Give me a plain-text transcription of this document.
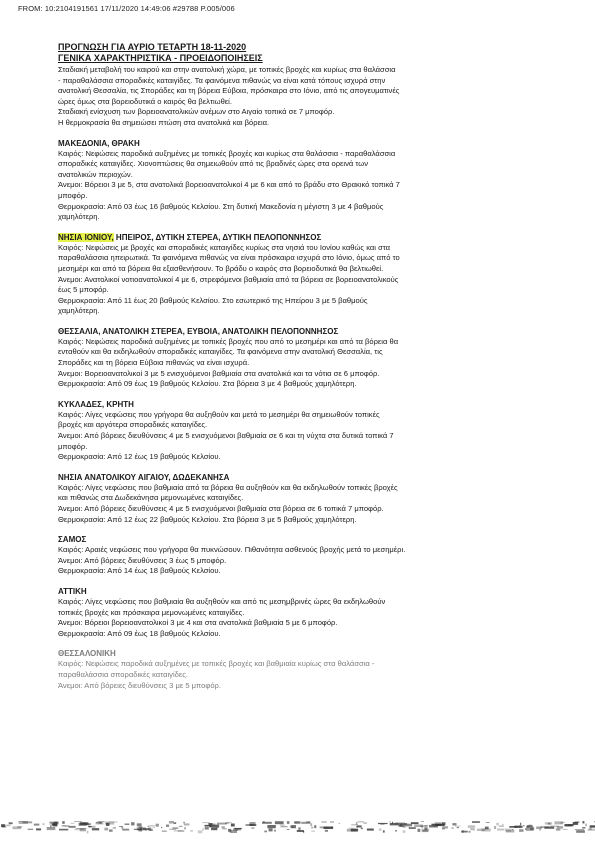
FROM: 10:2104191561 17/11/2020 14:49:06 #29788 P.005/006

ΠΡΟΓΝΩΣΗ ΓΙΑ ΑΥΡΙΟ ΤΕΤΑΡΤΗ 18-11-2020

ΓΕΝΙΚΑ ΧΑΡΑΚΤΗΡΙΣΤΙΚΑ - ΠΡΟΕΙΔΟΠΟΙΗΣΕΙΣ

Σταδιακή μεταβολή του καιρού και στην ανατολική χώρα, με τοπικές βροχές και κυρίως στα θαλάσσια

- παραθαλάσσια σποραδικές καταιγίδες. Τα φαινόμενα πιθανώς να είναι κατά τόπους ισχυρά στην

ανατολική Θεσσαλία, τις Σποράδες και τη βόρεια Εύβοια, πρόσκαιρα στο Ιόνιο, από τις απογευματινές

ώρες όμως στα βορειοδυτικά ο καιρός θα βελτιωθεί.

Σταδιακή ενίσχυση των βορειοανατολικών ανέμων στο Αιγαίο τοπικά σε 7 μποφόρ.

Η θερμοκρασία θα σημειώσει πτώση στα ανατολικά και βόρεια.

ΜΑΚΕΔΟΝΙΑ, ΘΡΑΚΗ

Καιρός: Νεφώσεις παροδικά αυξημένες με τοπικές βροχές και κυρίως στα θαλάσσια - παραθαλάσσια

σποραδικές καταιγίδες. Χιονοπτώσεις θα σημειωθούν από τις βραδινές ώρες στα ορεινά των

ανατολικών περιοχών.

Άνεμοι: Βόρειοι 3 με 5, στα ανατολικά βορειοανατολικοί 4 με 6 και από το βράδυ στο Θρακικό τοπικά 7

μποφόρ.

Θερμοκρασία: Από 03 έως 16 βαθμούς Κελσίου. Στη δυτική Μακεδονία η μέγιστη 3 με 4 βαθμούς

χαμηλότερη.

ΝΗΣΙΑ ΙΟΝΙΟΥ, ΗΠΕΙΡΟΣ, ΔΥΤΙΚΗ ΣΤΕΡΕΑ, ΔΥΤΙΚΗ ΠΕΛΟΠΟΝΝΗΣΟΣ

Καιρός: Νεφώσεις με βροχές και σποραδικές καταιγίδες κυρίως στα νησιά του Ιονίου καθώς και στα

παραθαλάσσια ηπειρωτικά. Τα φαινόμενα πιθανώς να είναι πρόσκαιρα ισχυρά στο Ιόνιο, όμως από το

μεσημέρι και από τα βόρεια θα εξασθενήσουν. Το βράδυ ο καιρός στα βορειοδυτικά θα βελτιωθεί.

Άνεμοι: Ανατολικοί νοτιοανατολικοί 4 με 6, στρεφόμενοι βαθμιαία από τα βόρεια σε βορειοανατολικούς

έως 5 μποφόρ.

Θερμοκρασία: Από 11 έως 20 βαθμούς Κελσίου. Στο εσωτερικό της Ηπείρου 3 με 5 βαθμούς

χαμηλότερη.

ΘΕΣΣΑΛΙΑ, ΑΝΑΤΟΛΙΚΗ ΣΤΕΡΕΑ, ΕΥΒΟΙΑ, ΑΝΑΤΟΛΙΚΗ ΠΕΛΟΠΟΝΝΗΣΟΣ

Καιρός: Νεφώσεις παροδικά αυξημένες με τοπικές βροχές που από το μεσημέρι και από τα βόρεια θα

ενταθούν και θα εκδηλωθούν σποραδικές καταιγίδες. Τα φαινόμενα στην ανατολική Θεσσαλία, τις

Σποράδες και τη βόρεια Εύβοια πιθανώς να είναι ισχυρά.

Άνεμοι: Βορειοανατολικοί 3 με 5 ενισχυόμενοι βαθμιαία στα ανατολικά και τα νότια σε 6 μποφόρ.

Θερμοκρασία: Από 09 έως 19 βαθμούς Κελσίου. Στα βόρεια 3 με 4 βαθμούς χαμηλότερη.

ΚΥΚΛΑΔΕΣ, ΚΡΗΤΗ

Καιρός: Λίγες νεφώσεις που γρήγορα θα αυξηθούν και μετά το μεσημέρι θα σημειωθούν τοπικές

βροχές και αργότερα σποραδικές καταιγίδες.

Άνεμοι: Από βόρειες διευθύνσεις 4 με 5 ενισχυόμενοι βαθμιαία σε 6 και τη νύχτα στα δυτικά τοπικά 7

μποφόρ.

Θερμοκρασία: Από 12 έως 19 βαθμούς Κελσίου.

ΝΗΣΙΑ ΑΝΑΤΟΛΙΚΟΥ ΑΙΓΑΙΟΥ, ΔΩΔΕΚΑΝΗΣΑ

Καιρός: Λίγες νεφώσεις που βαθμιαία από τα βόρεια θα αυξηθούν και θα εκδηλωθούν τοπικές βροχές

και πιθανώς στα Δωδεκάνησα μεμονωμένες καταιγίδες.

Άνεμοι: Από βόρειες διευθύνσεις 4 με 5 ενισχυόμενοι βαθμιαία στα βόρεια σε 6 τοπικά 7 μποφόρ.

Θερμοκρασία: Από 12 έως 22 βαθμούς Κελσίου. Στα βόρεια 3 με 5 βαθμούς χαμηλότερη.

ΣΑΜΟΣ

Καιρός: Αραιές νεφώσεις που γρήγορα θα πυκνώσουν. Πιθανότητα ασθενούς βροχής μετά το μεσημέρι.

Άνεμοι: Από βόρειες διευθύνσεις 3 έως 5 μποφόρ.

Θερμοκρασία: Από 14 έως 18 βαθμούς Κελσίου.

ΑΤΤΙΚΗ

Καιρός: Λίγες νεφώσεις που βαθμιαία θα αυξηθούν και από τις μεσημβρινές ώρες θα εκδηλωθούν

τοπικές βροχές και πρόσκαιρα μεμονωμένες καταιγίδες.

Άνεμοι: Βόρειοι βορειοανατολικοί 3 με 4 και στα ανατολικά βαθμιαία 5 με 6 μποφόρ.

Θερμοκρασία: Από 09 έως 18 βαθμούς Κελσίου.

ΘΕΣΣΑΛΟΝΙΚΗ

Καιρός: Νεφώσεις παροδικά αυξημένες με τοπικές βροχές και βαθμιαία κυρίως στα θαλάσσια -

παραθαλάσσια σποραδικές καταιγίδες.

Άνεμοι: Από βόρειες διευθύνσεις 3 με 5 μποφόρ.
